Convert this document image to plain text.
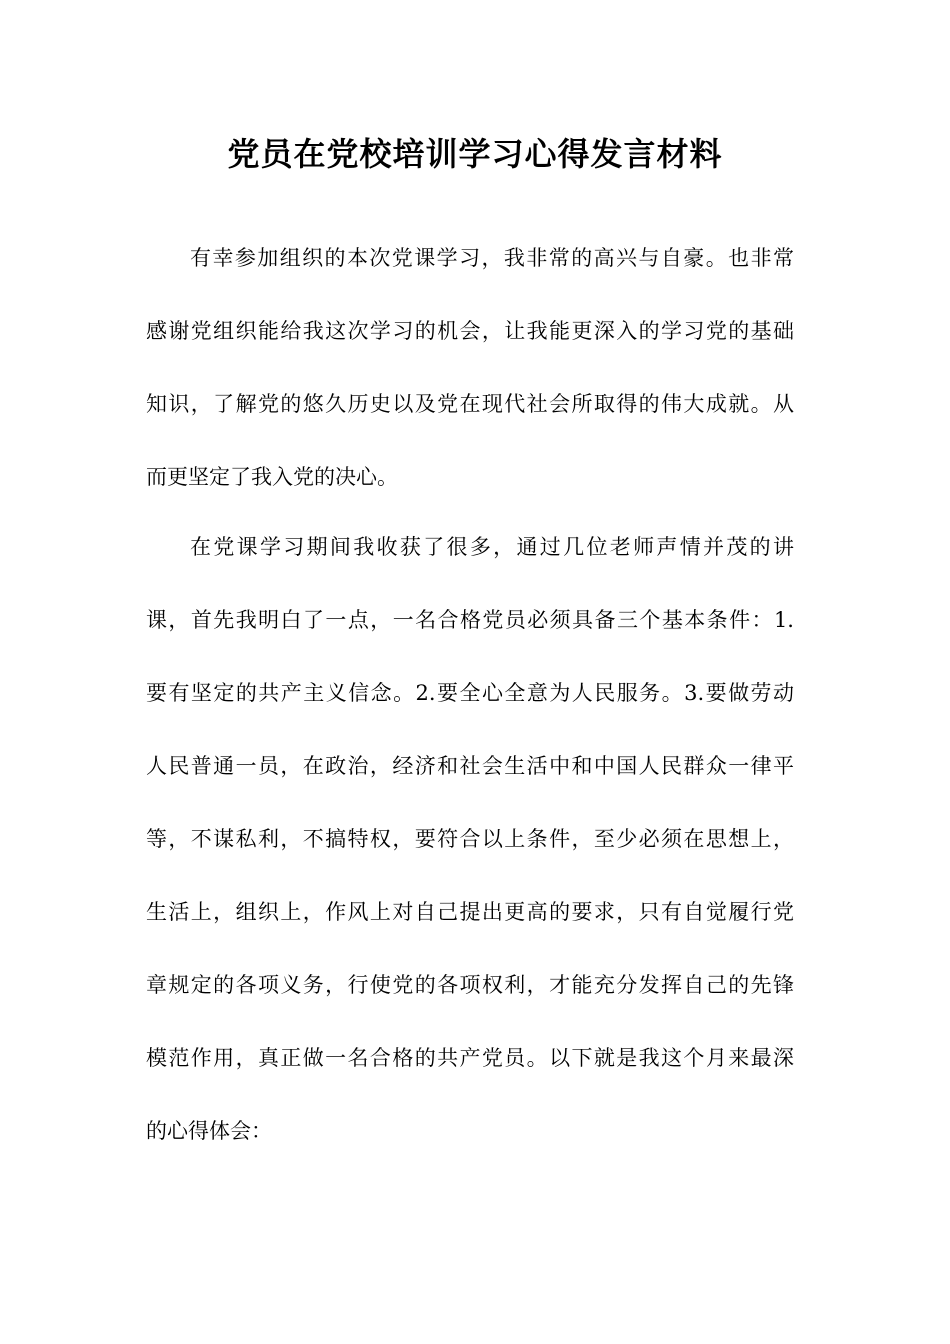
党员在党校培训学习心得发言材料
有幸参加组织的本次党课学习，我非常的高兴与自豪。也非常
感谢党组织能给我这次学习的机会，让我能更深入的学习党的基础
知识，了解党的悠久历史以及党在现代社会所取得的伟大成就。从
而更坚定了我入党的决心。
在党课学习期间我收获了很多，通过几位老师声情并茂的讲
课，首先我明白了一点，一名合格党员必须具备三个基本条件：1.
要有坚定的共产主义信念。2.要全心全意为人民服务。3.要做劳动
人民普通一员，在政治，经济和社会生活中和中国人民群众一律平
等，不谋私利，不搞特权，要符合以上条件，至少必须在思想上，
生活上，组织上，作风上对自己提出更高的要求，只有自觉履行党
章规定的各项义务，行使党的各项权利，才能充分发挥自己的先锋
模范作用，真正做一名合格的共产党员。以下就是我这个月来最深
的心得体会：
